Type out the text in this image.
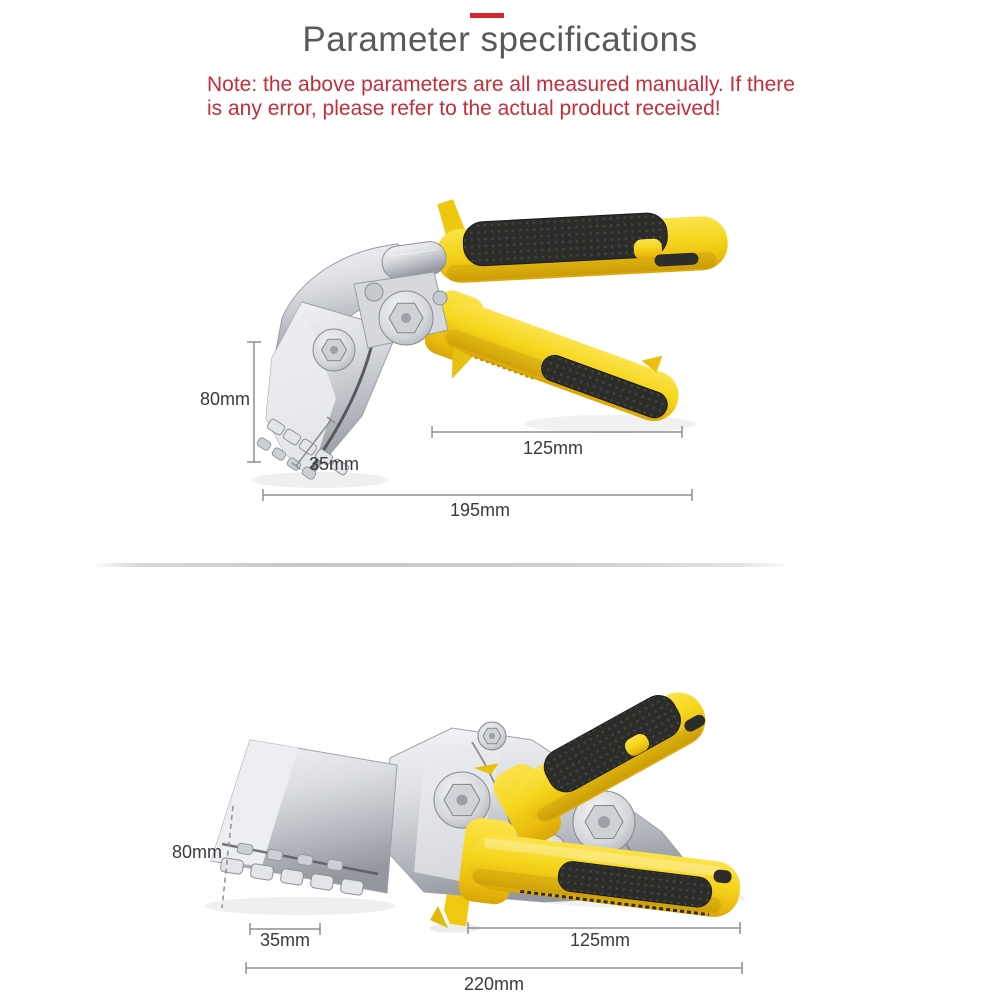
Parameter specifications
Note: the above parameters are all measured manually. If there
is any error, please refer to the actual product received!
80mm
35mm
125mm
195mm
80mm
35mm	125mm
220mm
